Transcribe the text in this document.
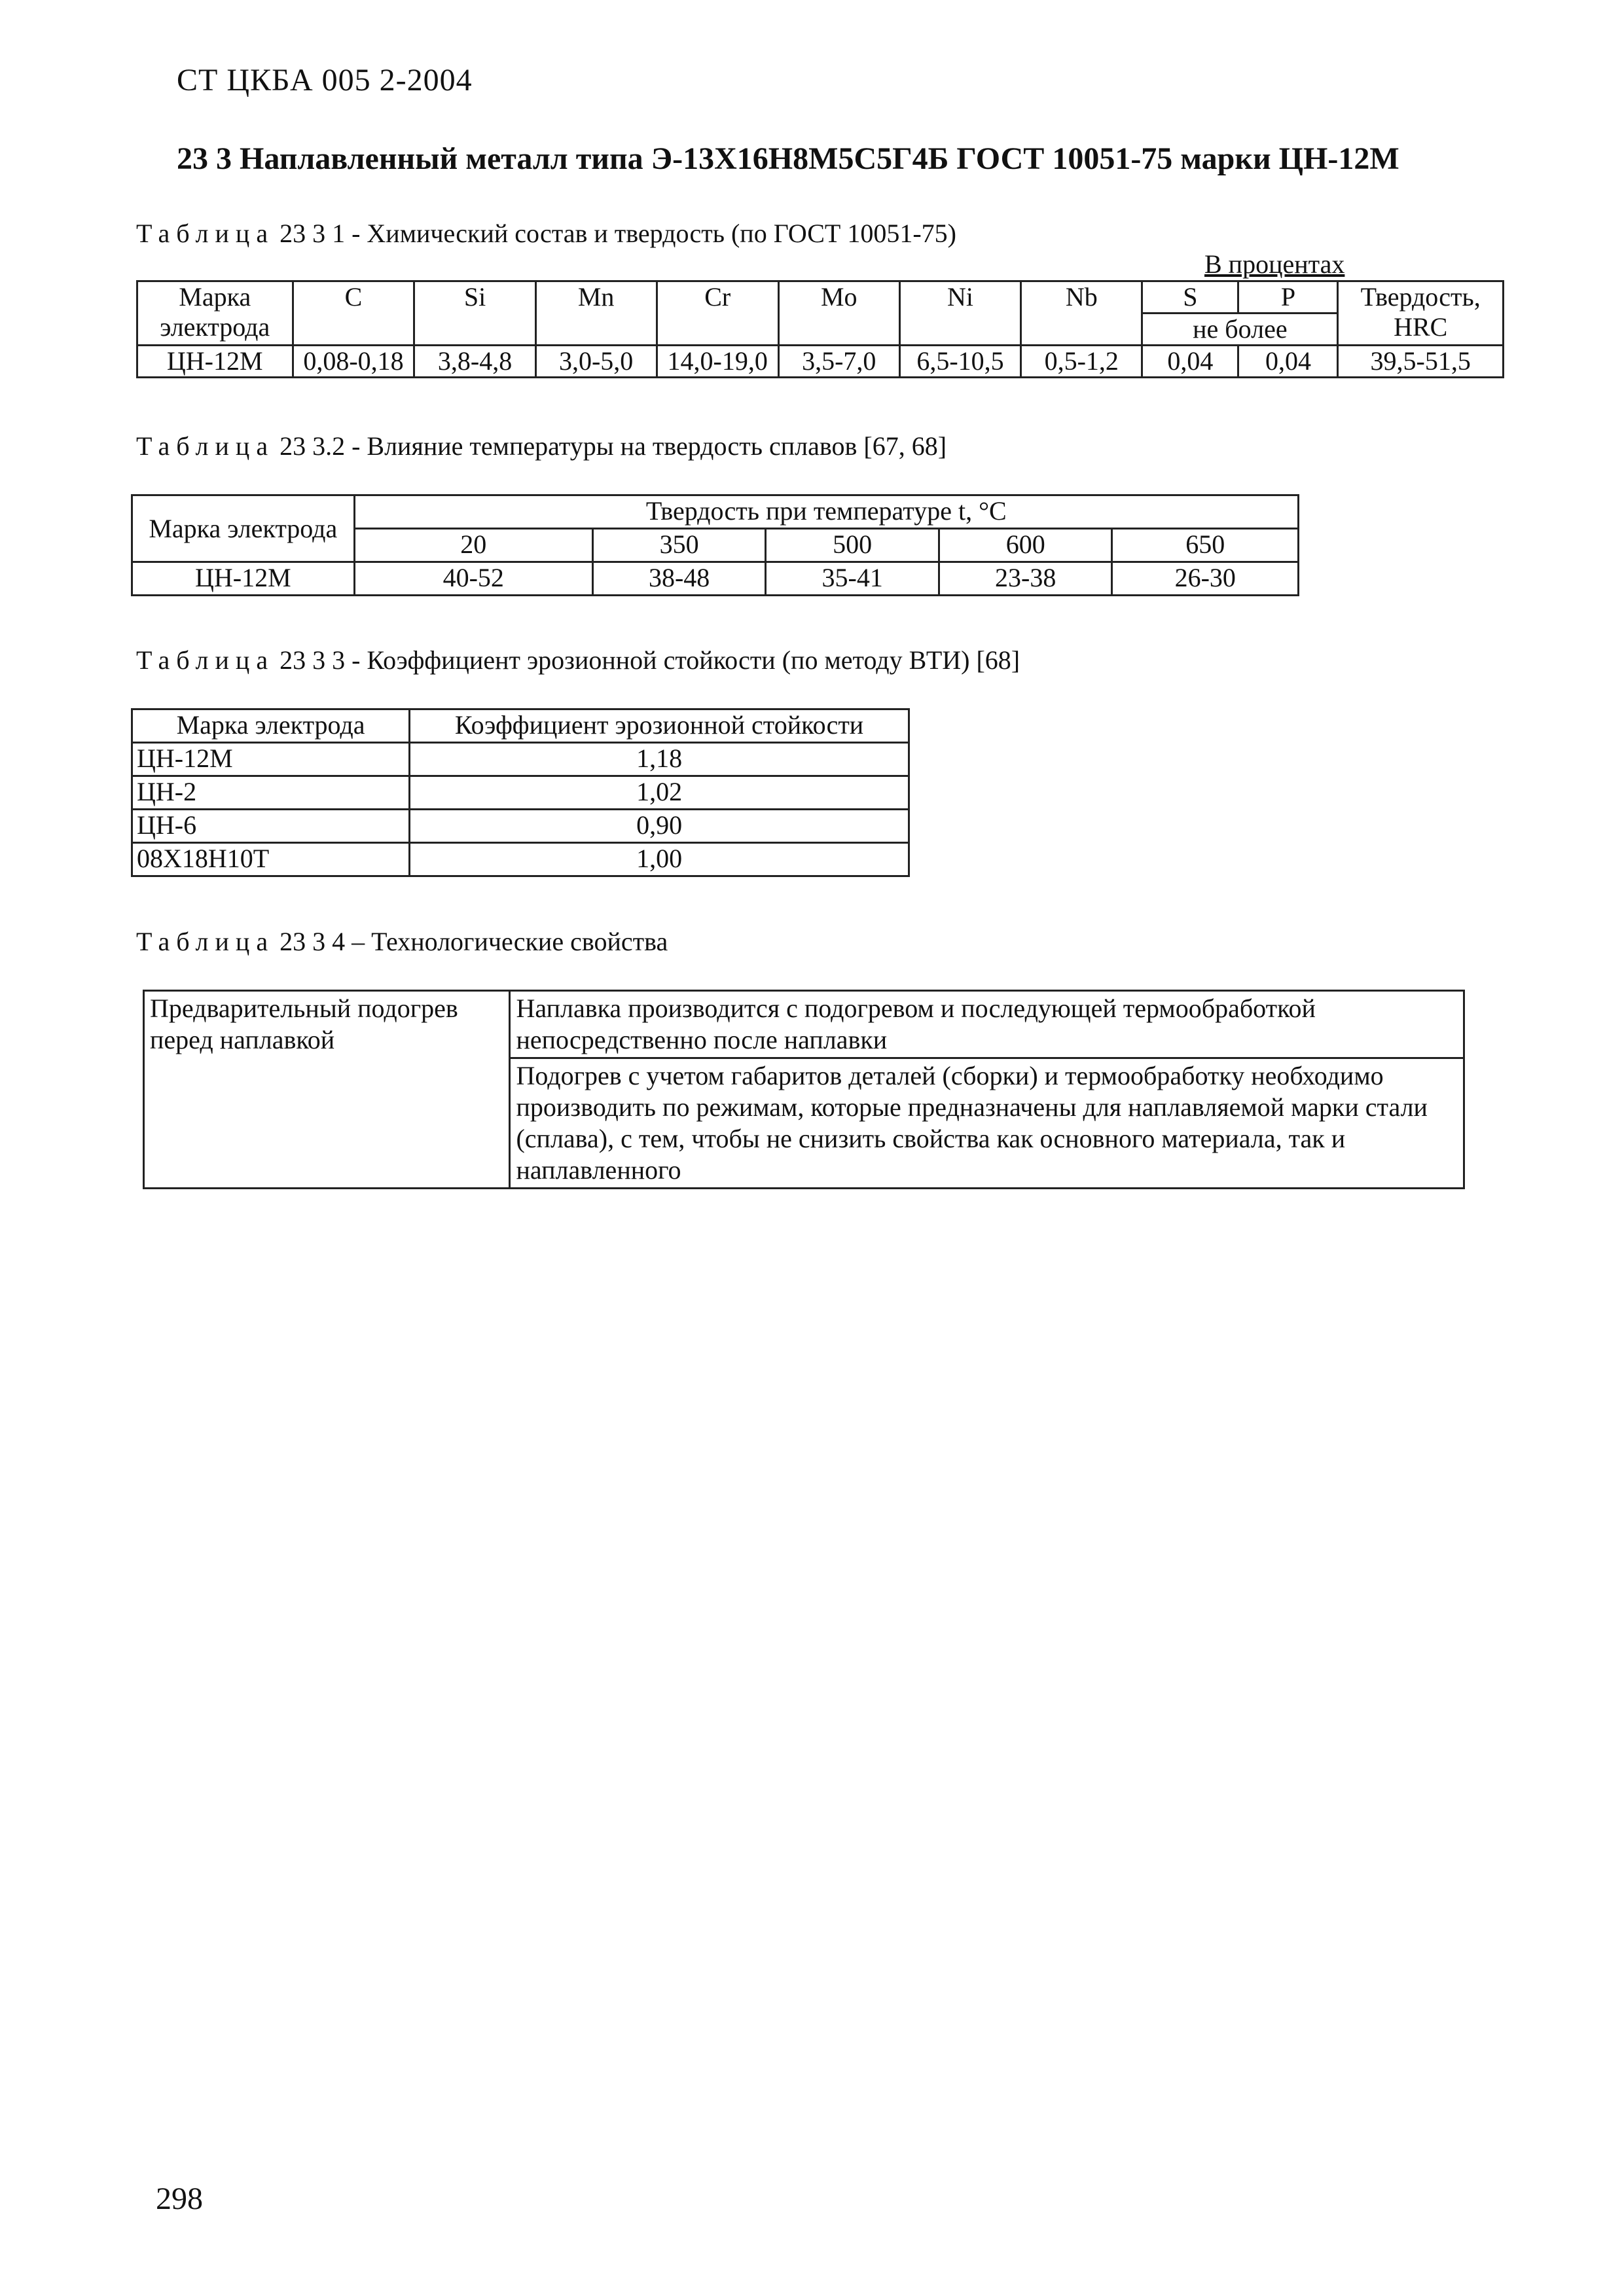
СТ ЦКБА 005 2-2004
23 3 Наплавленный металл типа Э-13Х16Н8М5С5Г4Б ГОСТ 10051-75 марки ЦН-12М
Таблица 23 3 1 - Химический состав и твердость (по ГОСТ 10051-75)
В процентах
Марка электрода	С	Si	Mn	Cr	Mo	Ni	Nb	S	P	Твердость, HRC
								не более		
ЦН-12М	0,08-0,18	3,8-4,8	3,0-5,0	14,0-19,0	3,5-7,0	6,5-10,5	0,5-1,2	0,04	0,04	39,5-51,5
Таблица 23 3.2 - Влияние температуры на твердость сплавов [67, 68]
Марка электрода	Твердость при температуре t, °С				
	20	350	500	600	650
ЦН-12М	40-52	38-48	35-41	23-38	26-30
Таблица 23 3 3 - Коэффициент эрозионной стойкости (по методу ВТИ) [68]
Марка электрода	Коэффициент эрозионной стойкости
ЦН-12М	1,18
ЦН-2	1,02
ЦН-6	0,90
08Х18Н10Т	1,00
Таблица 23 3 4 – Технологические свойства
Предварительный подогрев перед наплавкой	Наплавка производится с подогревом и последующей термообработкой непосредственно после наплавки
Подогрев с учетом габаритов деталей (сборки) и термообработку необходимо производить по режимам, которые предназначены для наплавляемой марки стали (сплава), с тем, чтобы не снизить свойства как основного материала, так и наплавленного
298
